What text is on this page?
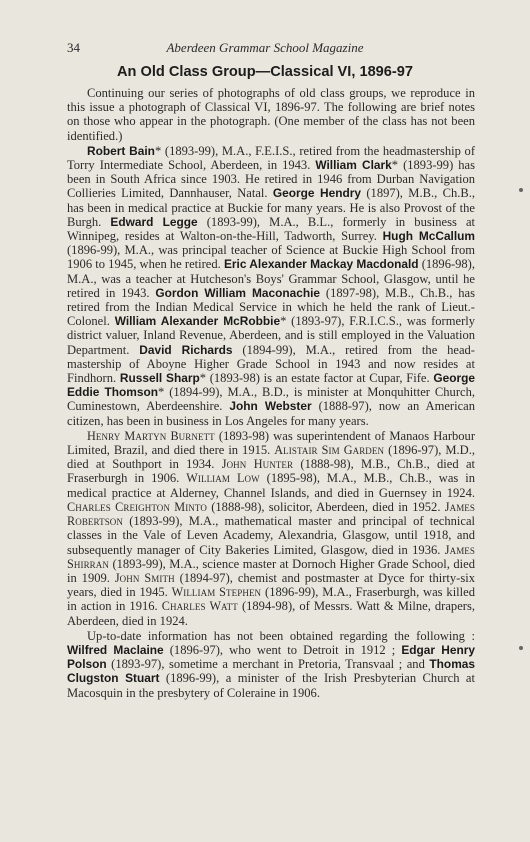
34	Aberdeen Grammar School Magazine
An Old Class Group—Classical VI, 1896-97

Continuing our series of photographs of old class groups, we reproduce in this issue a photograph of Classical VI, 1896-97. The following are brief notes on those who appear in the photograph. (One member of the class has not been identified.)

Robert Bain* (1893-99), M.A., F.E.I.S., retired from the headmastership of Torry Intermediate School, Aberdeen, in 1943. William Clark* (1893-99) has been in South Africa since 1903. He retired in 1946 from Durban Navigation Collieries Limited, Dannhauser, Natal. George Hendry (1897), M.B., Ch.B., has been in medical practice at Buckie for many years. He is also Provost of the Burgh. Edward Legge (1893-99), M.A., B.L., formerly in business at Winnipeg, resides at Walton-on-the-Hill, Tadworth, Surrey. Hugh McCallum (1896-99), M.A., was principal teacher of Science at Buckie High School from 1906 to 1945, when he retired. Eric Alexander Mackay Macdonald (1896-98), M.A., was a teacher at Hutcheson's Boys' Grammar School, Glasgow, until he retired in 1943. Gordon William Maconachie (1897-98), M.B., Ch.B., has retired from the Indian Medical Service in which he held the rank of Lieut.-Colonel. William Alexander McRobbie* (1893-97), F.R.I.C.S., was formerly district valuer, Inland Revenue, Aberdeen, and is still employed in the Valuation Department. David Richards (1894-99), M.A., retired from the head-mastership of Aboyne Higher Grade School in 1943 and now resides at Findhorn. Russell Sharp* (1893-98) is an estate factor at Cupar, Fife. George Eddie Thomson* (1894-99), M.A., B.D., is minister at Monquhitter Church, Cuminestown, Aberdeenshire. John Webster (1888-97), now an American citizen, has been in business in Los Angeles for many years.

Henry Martyn Burnett (1893-98) was superintendent of Manaos Harbour Limited, Brazil, and died there in 1915. Alistair Sim Garden (1896-97), M.D., died at Southport in 1934. John Hunter (1888-98), M.B., Ch.B., died at Fraserburgh in 1906. William Low (1895-98), M.A., M.B., Ch.B., was in medical practice at Alderney, Channel Islands, and died in Guernsey in 1924. Charles Creighton Minto (1888-98), solicitor, Aberdeen, died in 1952. James Robertson (1893-99), M.A., mathematical master and principal of technical classes in the Vale of Leven Academy, Alexandria, Glasgow, until 1918, and subsequently manager of City Bakeries Limited, Glasgow, died in 1936. James Shirran (1893-99), M.A., science master at Dornoch Higher Grade School, died in 1909. John Smith (1894-97), chemist and postmaster at Dyce for thirty-six years, died in 1945. William Stephen (1896-99), M.A., Fraserburgh, was killed in action in 1916. Charles Watt (1894-98), of Messrs. Watt & Milne, drapers, Aberdeen, died in 1924.

Up-to-date information has not been obtained regarding the following : Wilfred Maclaine (1896-97), who went to Detroit in 1912 ; Edgar Henry Polson (1893-97), sometime a merchant in Pretoria, Transvaal ; and Thomas Clugston Stuart (1896-99), a minister of the Irish Presbyterian Church at Macosquin in the presbytery of Coleraine in 1906.
